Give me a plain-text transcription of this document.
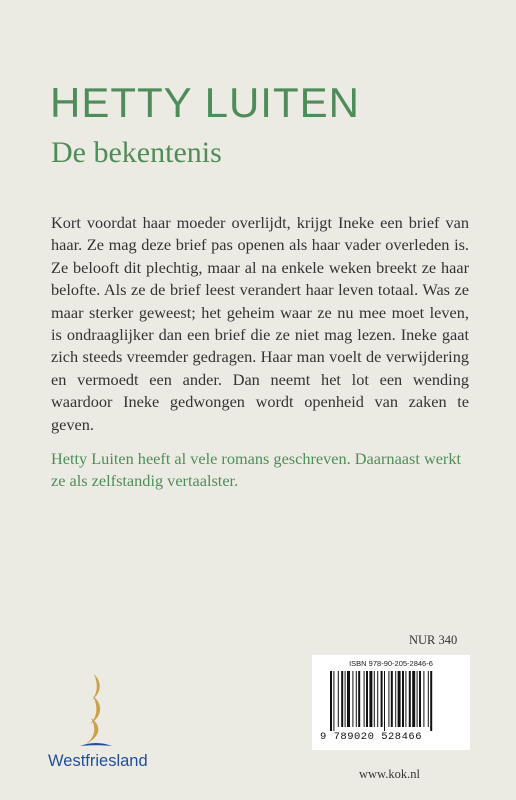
HETTY LUITEN
De bekentenis

Kort voordat haar moeder overlijdt, krijgt Ineke een brief van haar. Ze mag deze brief pas openen als haar vader overleden is. Ze belooft dit plechtig, maar al na enkele weken breekt ze haar belofte. Als ze de brief leest verandert haar leven totaal. Was ze maar sterker geweest; het geheim waar ze nu mee moet leven, is ondraaglijker dan een brief die ze niet mag lezen. Ineke gaat zich steeds vreemder gedragen. Haar man voelt de verwijdering en vermoedt een ander. Dan neemt het lot een wending waardoor Ineke gedwongen wordt openheid van zaken te geven.

Hetty Luiten heeft al vele romans geschreven. Daarnaast werkt ze als zelfstandig vertaalster.

NUR 340
ISBN 978-90-205-2846-6
9 789020 528466
Westfriesland
www.kok.nl
